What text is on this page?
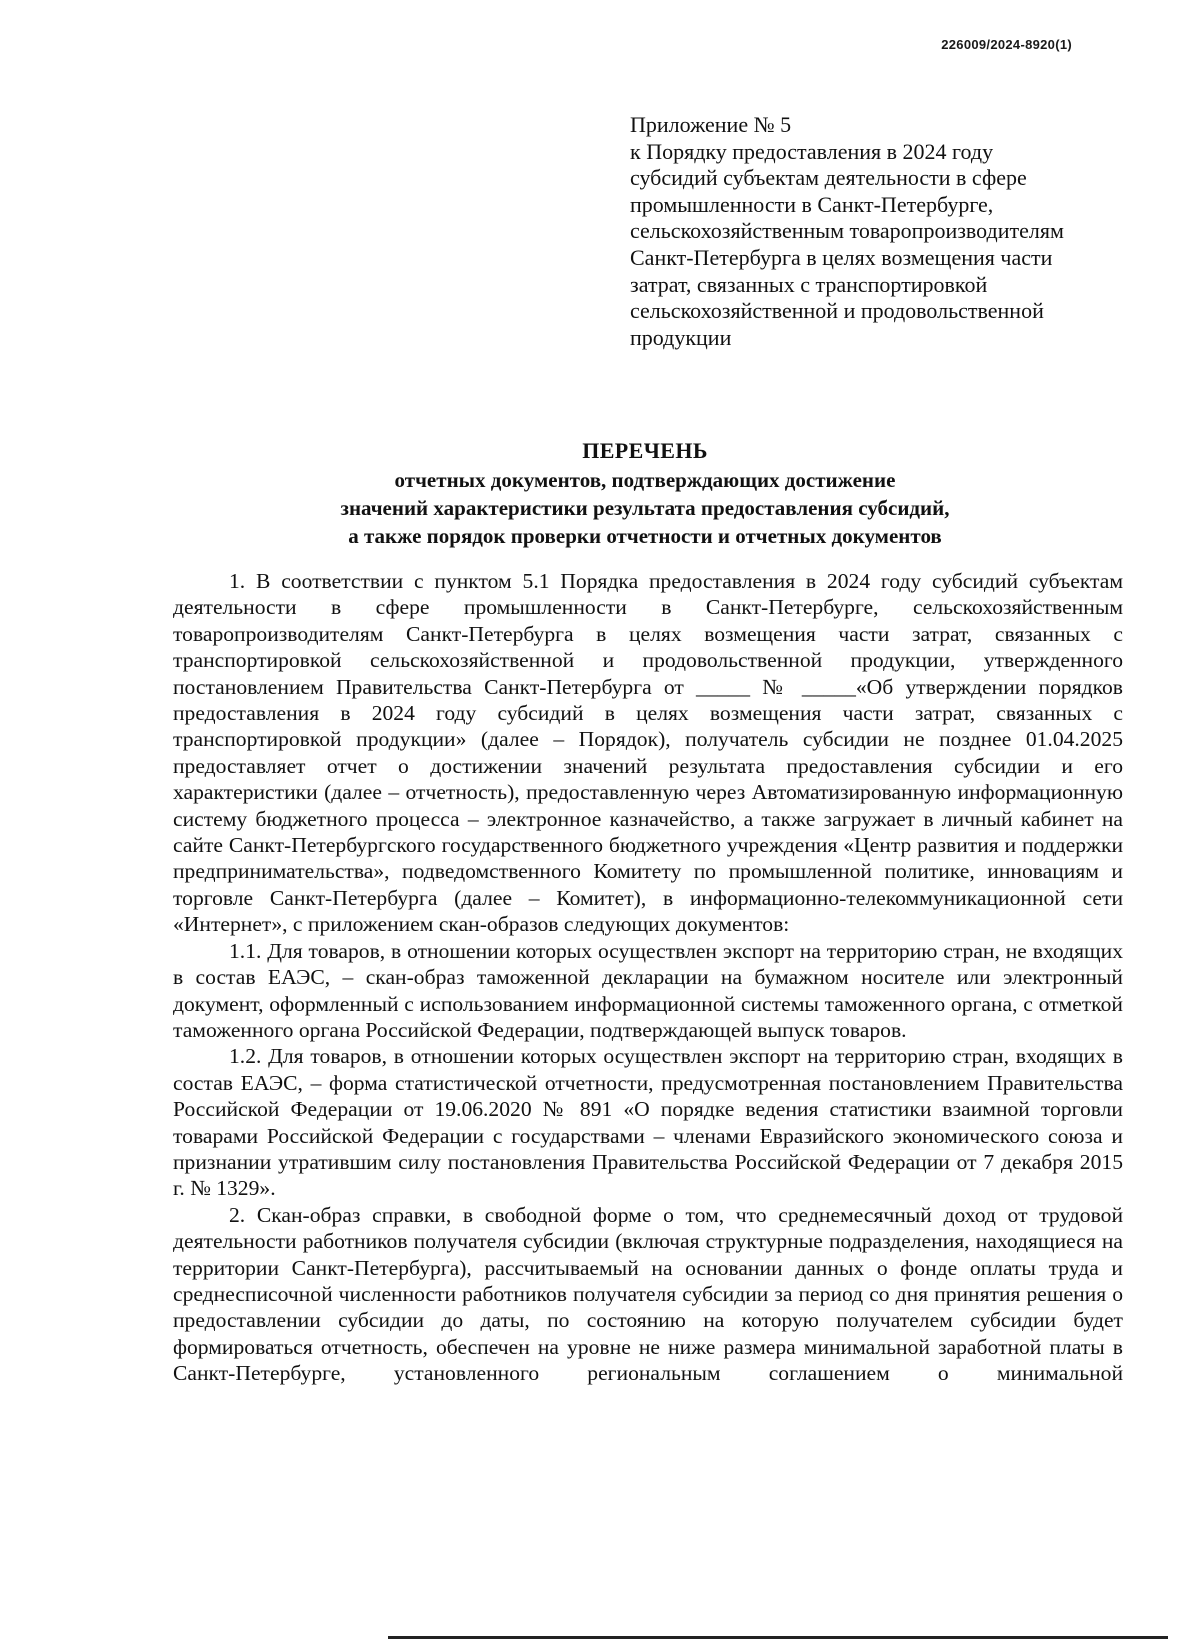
226009/2024-8920(1)
Приложение № 5
к Порядку предоставления в 2024 году
субсидий субъектам деятельности в сфере
промышленности в Санкт-Петербурге,
сельскохозяйственным товаропроизводителям
Санкт-Петербурга в целях возмещения части
затрат, связанных с транспортировкой
сельскохозяйственной и продовольственной
продукции
ПЕРЕЧЕНЬ
отчетных документов, подтверждающих достижение
значений характеристики результата предоставления субсидий,
а также порядок проверки отчетности и отчетных документов

1. В соответствии с пунктом 5.1 Порядка предоставления в 2024 году субсидий субъектам деятельности в сфере промышленности в Санкт-Петербурге, сельскохозяйственным товаропроизводителям Санкт-Петербурга в целях возмещения части затрат, связанных с транспортировкой сельскохозяйственной и продовольственной продукции, утвержденного постановлением Правительства Санкт-Петербурга от _____ № _____«Об утверждении порядков предоставления в 2024 году субсидий в целях возмещения части затрат, связанных с транспортировкой продукции» (далее – Порядок), получатель субсидии не позднее 01.04.2025 предоставляет отчет о достижении значений результата предоставления субсидии и его характеристики (далее – отчетность), предоставленную через Автоматизированную информационную систему бюджетного процесса – электронное казначейство, а также загружает в личный кабинет на сайте Санкт-Петербургского государственного бюджетного учреждения «Центр развития и поддержки предпринимательства», подведомственного Комитету по промышленной политике, инновациям и торговле Санкт-Петербурга (далее – Комитет), в информационно-телекоммуникационной сети «Интернет», с приложением скан-образов следующих документов:

1.1. Для товаров, в отношении которых осуществлен экспорт на территорию стран, не входящих в состав ЕАЭС, – скан-образ таможенной декларации на бумажном носителе или электронный документ, оформленный с использованием информационной системы таможенного органа, с отметкой таможенного органа Российской Федерации, подтверждающей выпуск товаров.

1.2. Для товаров, в отношении которых осуществлен экспорт на территорию стран, входящих в состав ЕАЭС, – форма статистической отчетности, предусмотренная постановлением Правительства Российской Федерации от 19.06.2020 № 891 «О порядке ведения статистики взаимной торговли товарами Российской Федерации с государствами – членами Евразийского экономического союза и признании утратившим силу постановления Правительства Российской Федерации от 7 декабря 2015 г. № 1329».

2. Скан-образ справки, в свободной форме о том, что среднемесячный доход от трудовой деятельности работников получателя субсидии (включая структурные подразделения, находящиеся на территории Санкт-Петербурга), рассчитываемый на основании данных о фонде оплаты труда и среднесписочной численности работников получателя субсидии за период со дня принятия решения о предоставлении субсидии до даты, по состоянию на которую получателем субсидии будет формироваться отчетность, обеспечен на уровне не ниже размера минимальной заработной платы в Санкт-Петербурге, установленного региональным соглашением о минимальной
